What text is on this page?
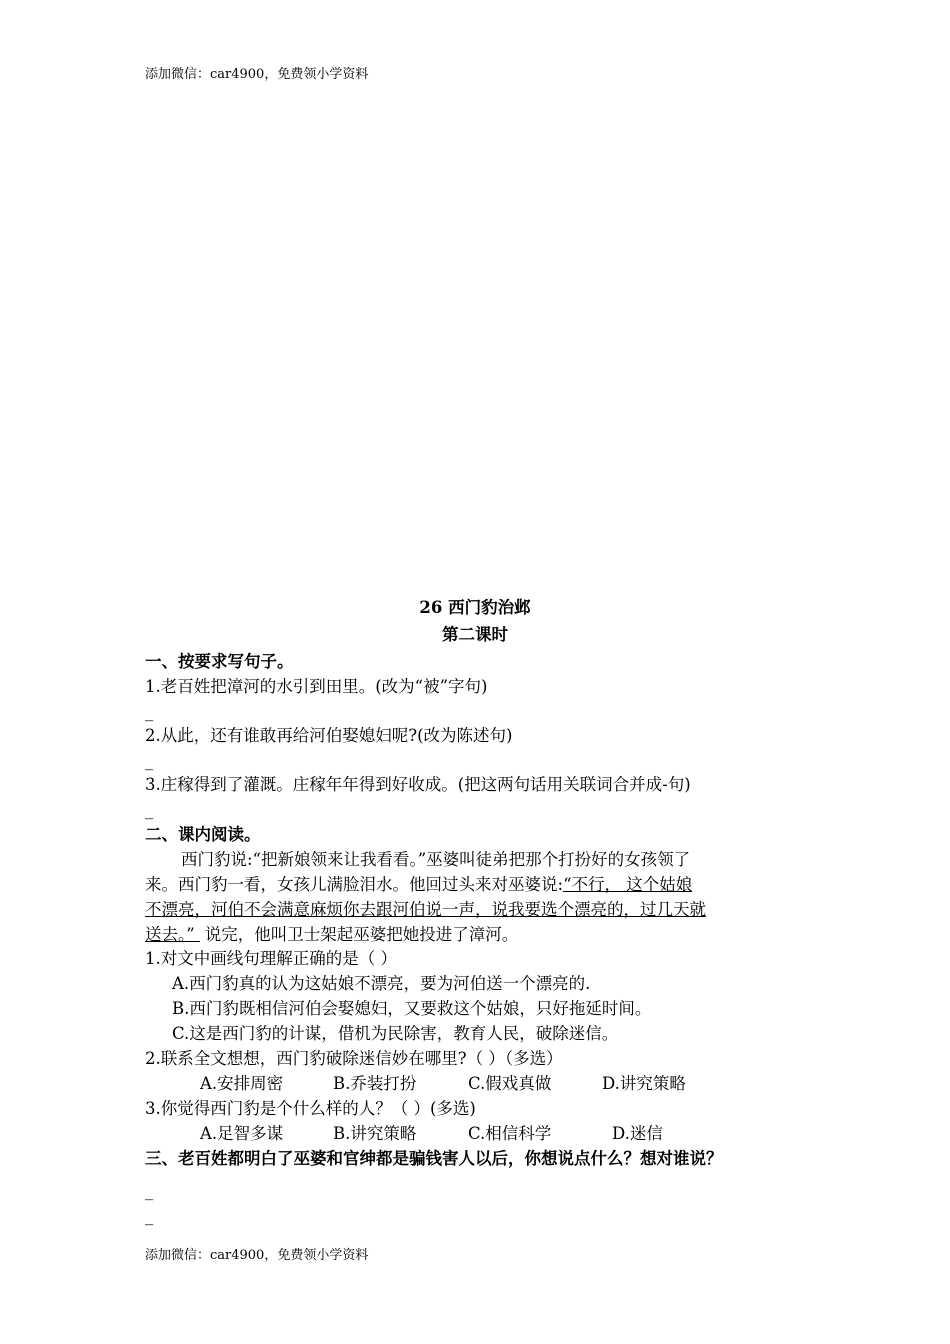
添加微信：car4900，免费领小学资料
26 西门豹治邺
第二课时
一、按要求写句子。
1.老百姓把漳河的水引到田里。(改为“被”字句)
_
2.从此，还有谁敢再给河伯娶媳妇呢?(改为陈述句)
_
3.庄稼得到了灌溉。庄稼年年得到好收成。(把这两句话用关联词合并成-句)
_
二、课内阅读。
西门豹说:“把新娘领来让我看看。”巫婆叫徒弟把那个打扮好的女孩领了
来。西门豹一看，女孩儿满脸泪水。他回过头来对巫婆说:“不行， 这个姑娘
不漂亮，河伯不会满意麻烦你去跟河伯说一声，说我要选个漂亮的，过几天就
送去。” 说完，他叫卫士架起巫婆把她投进了漳河。
1.对文中画线句理解正确的是（ ）
A.西门豹真的认为这姑娘不漂亮，要为河伯送一个漂亮的.
B.西门豹既相信河伯会娶媳妇，又要救这个姑娘，只好拖延时间。
C.这是西门豹的计谋，借机为民除害，教育人民，破除迷信。
2.联系全文想想，西门豹破除迷信妙在哪里?（ ）（多选）
A.安排周密	B.乔装打扮	C.假戏真做	D.讲究策略
3.你觉得西门豹是个什么样的人？（ ）(多选)
A.足智多谋	B.讲究策略	C.相信科学	D.迷信
三、老百姓都明白了巫婆和官绅都是骗钱害人以后，你想说点什么？想对谁说？
_
_
添加微信：car4900，免费领小学资料
